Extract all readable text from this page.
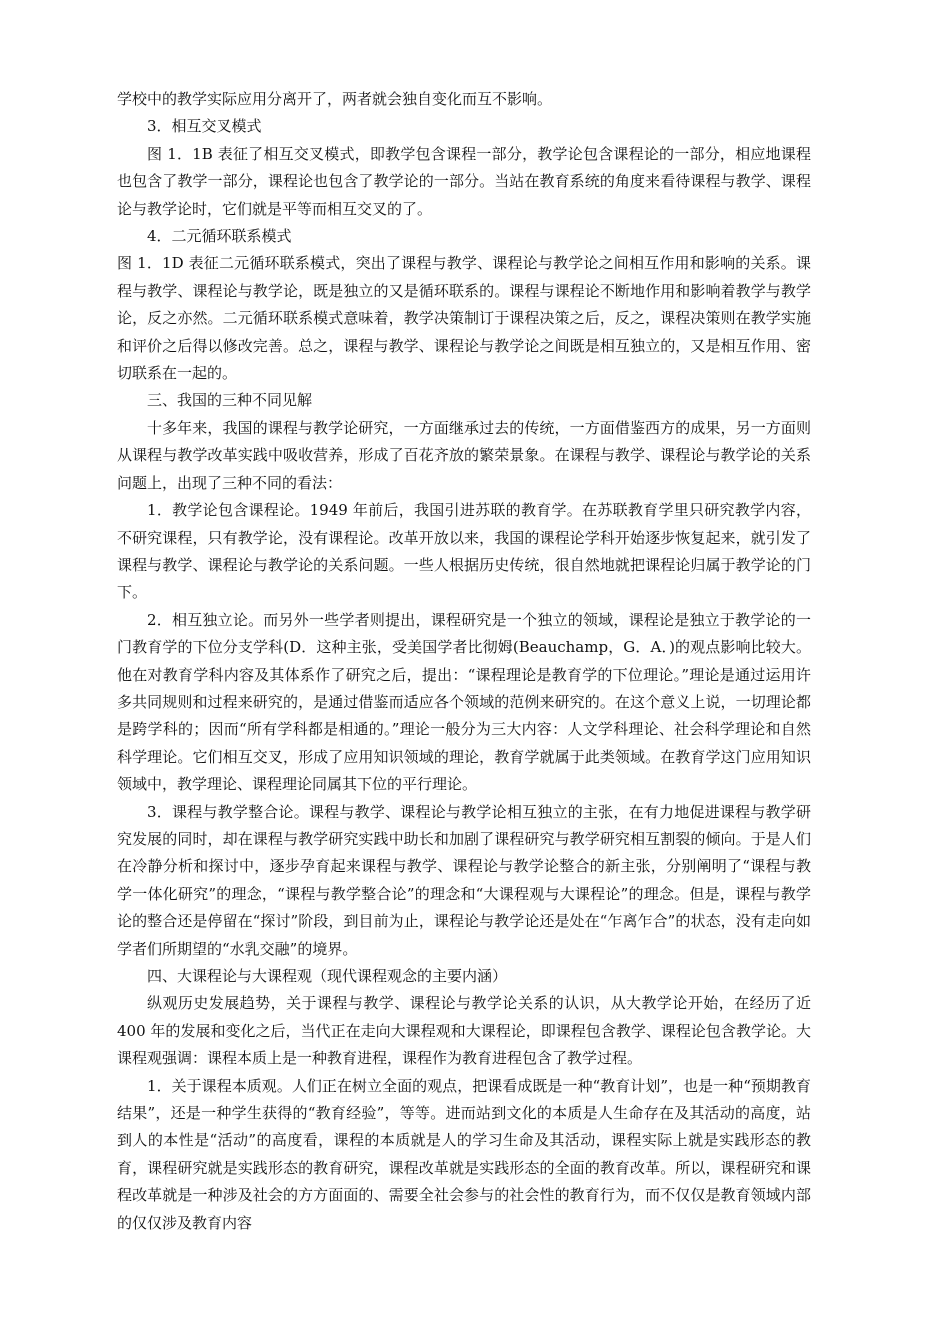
学校中的教学实际应用分离开了，两者就会独自变化而互不影响。

3．相互交叉模式

图 1．1B 表征了相互交叉模式，即教学包含课程一部分，教学论包含课程论的一部分，相应地课程也包含了教学一部分，课程论也包含了教学论的一部分。当站在教育系统的角度来看待课程与教学、课程论与教学论时，它们就是平等而相互交叉的了。

4．二元循环联系模式

图 1．1D 表征二元循环联系模式，突出了课程与教学、课程论与教学论之间相互作用和影响的关系。课程与教学、课程论与教学论，既是独立的又是循环联系的。课程与课程论不断地作用和影响着教学与教学论，反之亦然。二元循环联系模式意味着，教学决策制订于课程决策之后，反之，课程决策则在教学实施和评价之后得以修改完善。总之，课程与教学、课程论与教学论之间既是相互独立的，又是相互作用、密切联系在一起的。

三、我国的三种不同见解

十多年来，我国的课程与教学论研究，一方面继承过去的传统，一方面借鉴西方的成果，另一方面则从课程与教学改革实践中吸收营养，形成了百花齐放的繁荣景象。在课程与教学、课程论与教学论的关系问题上，出现了三种不同的看法：

1．教学论包含课程论。1949 年前后，我国引进苏联的教育学。在苏联教育学里只研究教学内容，不研究课程，只有教学论，没有课程论。改革开放以来，我国的课程论学科开始逐步恢复起来，就引发了课程与教学、课程论与教学论的关系问题。一些人根据历史传统，很自然地就把课程论归属于教学论的门下。

2．相互独立论。而另外一些学者则提出，课程研究是一个独立的领域，课程论是独立于教学论的一门教育学的下位分支学科(D．这种主张，受美国学者比彻姆(Beauchamp，G．A．)的观点影响比较大。他在对教育学科内容及其体系作了研究之后，提出：“课程理论是教育学的下位理论。”理论是通过运用许多共同规则和过程来研究的，是通过借鉴而适应各个领域的范例来研究的。在这个意义上说，一切理论都是跨学科的；因而“所有学科都是相通的。”理论一般分为三大内容：人文学科理论、社会科学理论和自然科学理论。它们相互交叉，形成了应用知识领域的理论，教育学就属于此类领域。在教育学这门应用知识领域中，教学理论、课程理论同属其下位的平行理论。

3．课程与教学整合论。课程与教学、课程论与教学论相互独立的主张，在有力地促进课程与教学研究发展的同时，却在课程与教学研究实践中助长和加剧了课程研究与教学研究相互割裂的倾向。于是人们在冷静分析和探讨中，逐步孕育起来课程与教学、课程论与教学论整合的新主张，分别阐明了“课程与教学一体化研究”的理念，“课程与教学整合论”的理念和“大课程观与大课程论”的理念。但是，课程与教学论的整合还是停留在“探讨”阶段，到目前为止，课程论与教学论还是处在“乍离乍合”的状态，没有走向如学者们所期望的“水乳交融”的境界。

四、大课程论与大课程观（现代课程观念的主要内涵）

纵观历史发展趋势，关于课程与教学、课程论与教学论关系的认识，从大教学论开始，在经历了近 400 年的发展和变化之后，当代正在走向大课程观和大课程论，即课程包含教学、课程论包含教学论。大课程观强调：课程本质上是一种教育进程，课程作为教育进程包含了教学过程。

1．关于课程本质观。人们正在树立全面的观点，把课看成既是一种“教育计划”，也是一种“预期教育结果”，还是一种学生获得的“教育经验”，等等。进而站到文化的本质是人生命存在及其活动的高度，站到人的本性是“活动”的高度看，课程的本质就是人的学习生命及其活动，课程实际上就是实践形态的教育，课程研究就是实践形态的教育研究，课程改革就是实践形态的全面的教育改革。所以，课程研究和课程改革就是一种涉及社会的方方面面的、需要全社会参与的社会性的教育行为，而不仅仅是教育领域内部的仅仅涉及教育内容
